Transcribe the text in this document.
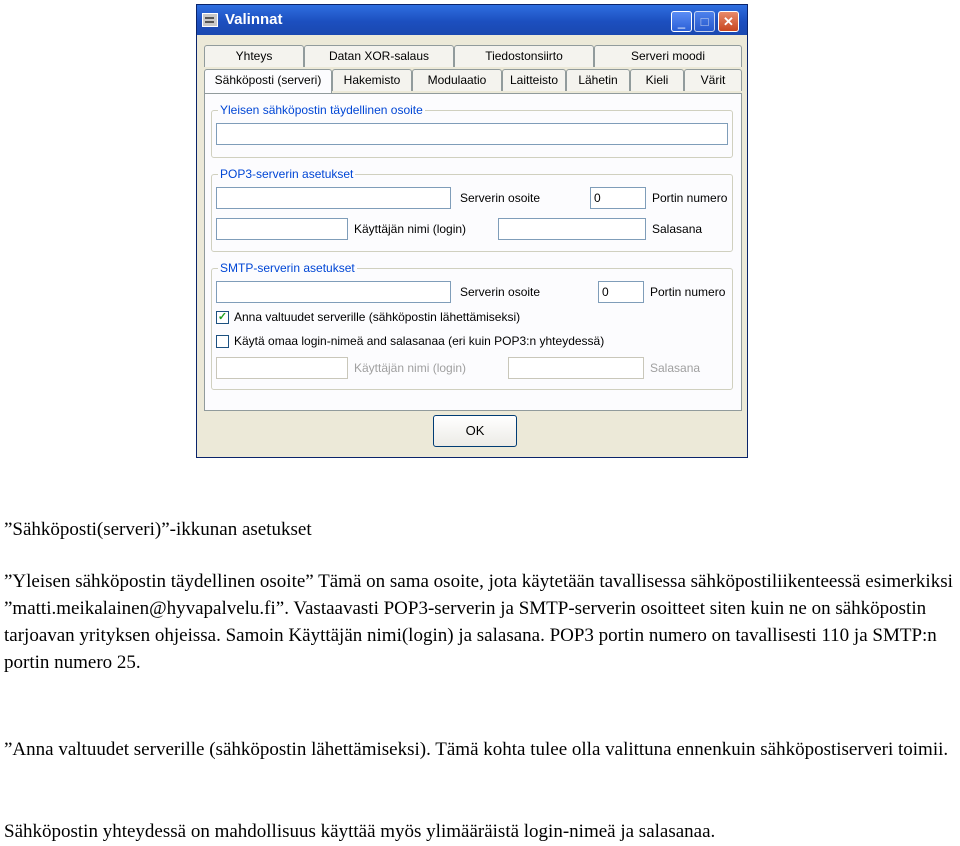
Valinnat	_	□	✕
Yhteys	Datan XOR-salaus	Tiedostonsiirto	Serveri moodi
Sähköposti (serveri)	Hakemisto	Modulaatio	Laitteisto	Lähetin	Kieli	Värit
Yleisen sähköpostin täydellinen osoite
POP3-serverin asetukset
Serverin osoite	0	Portin numero
Käyttäjän nimi (login)	Salasana
SMTP-serverin asetukset
Serverin osoite	0	Portin numero
✓ Anna valtuudet serverille (sähköpostin lähettämiseksi)
Käytä omaa login-nimeä and salasanaa (eri kuin POP3:n yhteydessä)
Käyttäjän nimi (login)	Salasana
OK

”Sähköposti(serveri)”-ikkunan asetukset

”Yleisen sähköpostin täydellinen osoite” Tämä on sama osoite, jota käytetään tavallisessa sähköpostiliikenteessä esimerkiksi ”matti.meikalainen@hyvapalvelu.fi”. Vastaavasti POP3-serverin ja SMTP-serverin osoitteet siten kuin ne on sähköpostin tarjoavan yrityksen ohjeissa. Samoin Käyttäjän nimi(login) ja salasana. POP3 portin numero on tavallisesti 110 ja SMTP:n portin numero 25.

”Anna valtuudet serverille (sähköpostin lähettämiseksi). Tämä kohta tulee olla valittuna ennenkuin sähköpostiserveri toimii.

Sähköpostin yhteydessä on mahdollisuus käyttää myös ylimääräistä login-nimeä ja salasanaa.
